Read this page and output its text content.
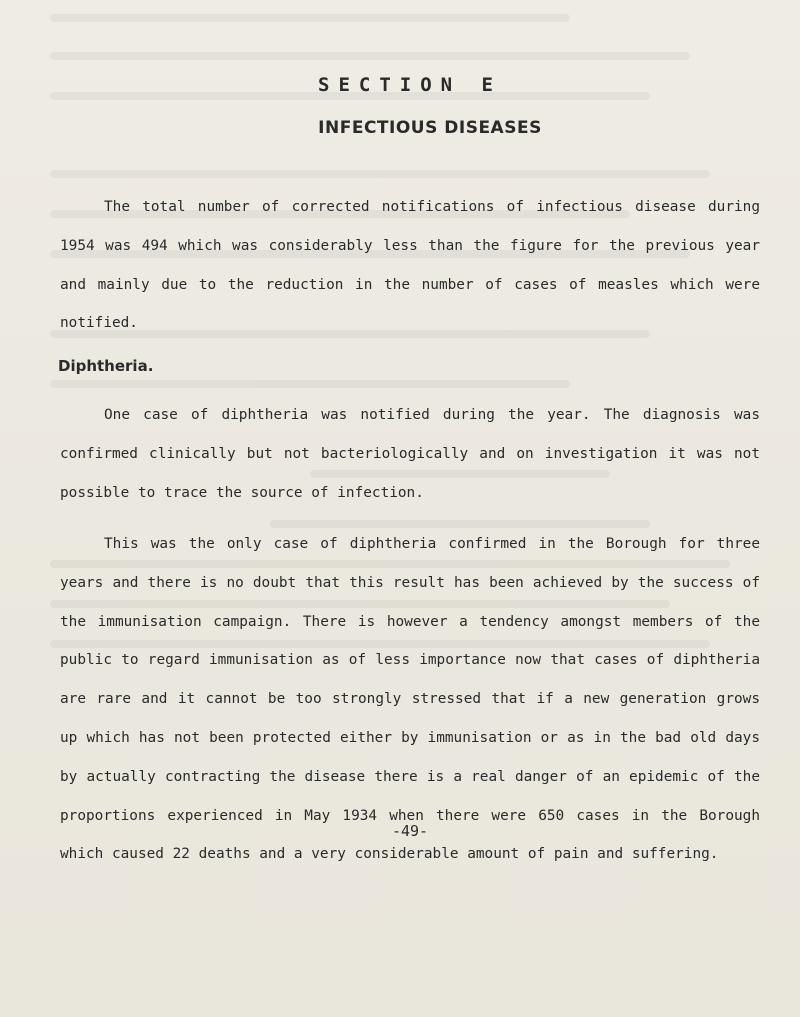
SECTION E
INFECTIOUS DISEASES

The total number of corrected notifications of infectious disease during 1954 was 494 which was considerably less than the figure for the previous year and mainly due to the reduction in the number of cases of measles which were notified.

Diphtheria.

One case of diphtheria was notified during the year. The diagnosis was confirmed clinically but not bacteriologically and on investigation it was not possible to trace the source of infection.

This was the only case of diphtheria confirmed in the Borough for three years and there is no doubt that this result has been achieved by the success of the immunisation campaign. There is however a tendency amongst members of the public to regard immunisation as of less importance now that cases of diphtheria are rare and it cannot be too strongly stressed that if a new generation grows up which has not been protected either by immunisation or as in the bad old days by actually contracting the disease there is a real danger of an epidemic of the proportions experienced in May 1934 when there were 650 cases in the Borough which caused 22 deaths and a very considerable amount of pain and suffering.

-49-
